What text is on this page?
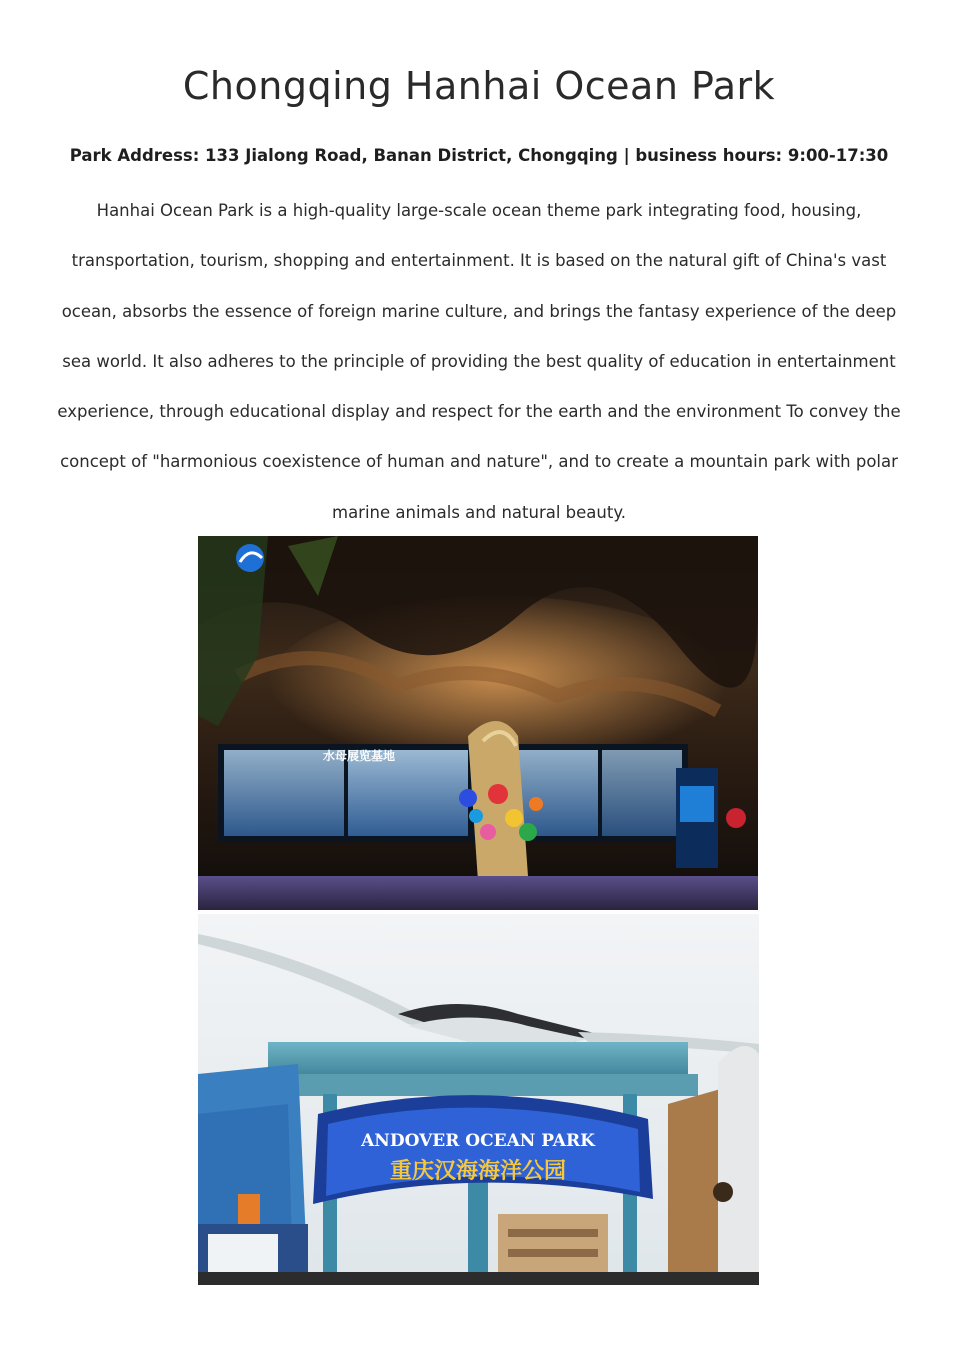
Chongqing Hanhai Ocean Park
Park Address: 133 Jialong Road, Banan District, Chongqing | business hours: 9:00-17:30

Hanhai Ocean Park is a high-quality large-scale ocean theme park integrating food, housing, transportation, tourism, shopping and entertainment. It is based on the natural gift of China's vast ocean, absorbs the essence of foreign marine culture, and brings the fantasy experience of the deep sea world. It also adheres to the principle of providing the best quality of education in entertainment experience, through educational display and respect for the earth and the environment To convey the concept of "harmonious coexistence of human and nature", and to create a mountain park with polar marine animals and natural beauty.

水母展览基地
ANDOVER OCEAN PARK
重庆汉海海洋公园
